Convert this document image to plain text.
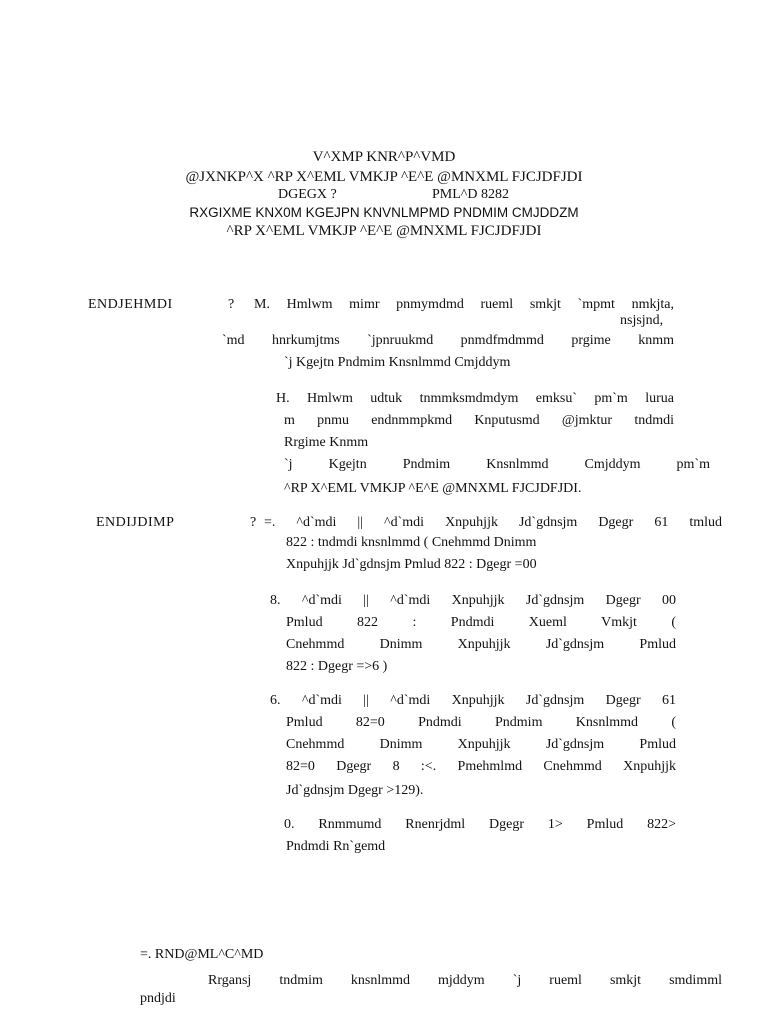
V^XMP KNR^P^VMD
@JXNKP^X ^RP X^EML VMKJP ^E^E @MNXML FJCJDFJDI
DGEGX ?	PML^D 8282
RXGIXME KNX0M KGEJPN KNVNLMPMD PNDMIM CMJDDZM
^RP X^EML VMKJP ^E^E @MNXML FJCJDFJDI
ENDJEHMDI	? M. Hmlwm mimr pnmymdmd rueml smkjt `mpmt nmkjta,
nsjsjnd,
`md hnrkumjtms `jpnruukmd pnmdfmdmmd prgime knmm
`j Kgejtn Pndmim Knsnlmmd Cmjddym
H. Hmlwm udtuk tnmmksmdmdym emksu` pm`m lurua
m pnmu endnmmpkmd Knputusmd @jmktur tndmdi
Rrgime Knmm
`j Kgejtn Pndmim Knsnlmmd Cmjddym pm`m
^RP X^EML VMKJP ^E^E @MNXML FJCJDFJDI.
ENDIJDIMP	? =. ^d`mdi || ^d`mdi Xnpuhjjk Jd`gdnsjm Dgegr 61 tmlud
822 : tndmdi knsnlmmd ( Cnehmmd Dnimm
Xnpuhjjk Jd`gdnsjm Pmlud 822 : Dgegr =00
8. ^d`mdi || ^d`mdi Xnpuhjjk Jd`gdnsjm Dgegr 00
Pmlud 822 : Pndmdi Xueml Vmkjt (
Cnehmmd Dnimm Xnpuhjjk Jd`gdnsjm Pmlud
822 : Dgegr =>6 )
6. ^d`mdi || ^d`mdi Xnpuhjjk Jd`gdnsjm Dgegr 61
Pmlud 82=0 Pndmdi Pndmim Knsnlmmd (
Cnehmmd Dnimm Xnpuhjjk Jd`gdnsjm Pmlud
82=0 Dgegr 8 :<. Pmehmlmd Cnehmmd Xnpuhjjk
Jd`gdnsjm Dgegr >129).
0. Rnmmumd Rnenrjdml Dgegr 1> Pmlud 822>
Pndmdi Rn`gemd
=. RND@ML^C^MD
Rrgansj tndmim knsnlmmd mjddym `j rueml smkjt smdimml
pndjdi
